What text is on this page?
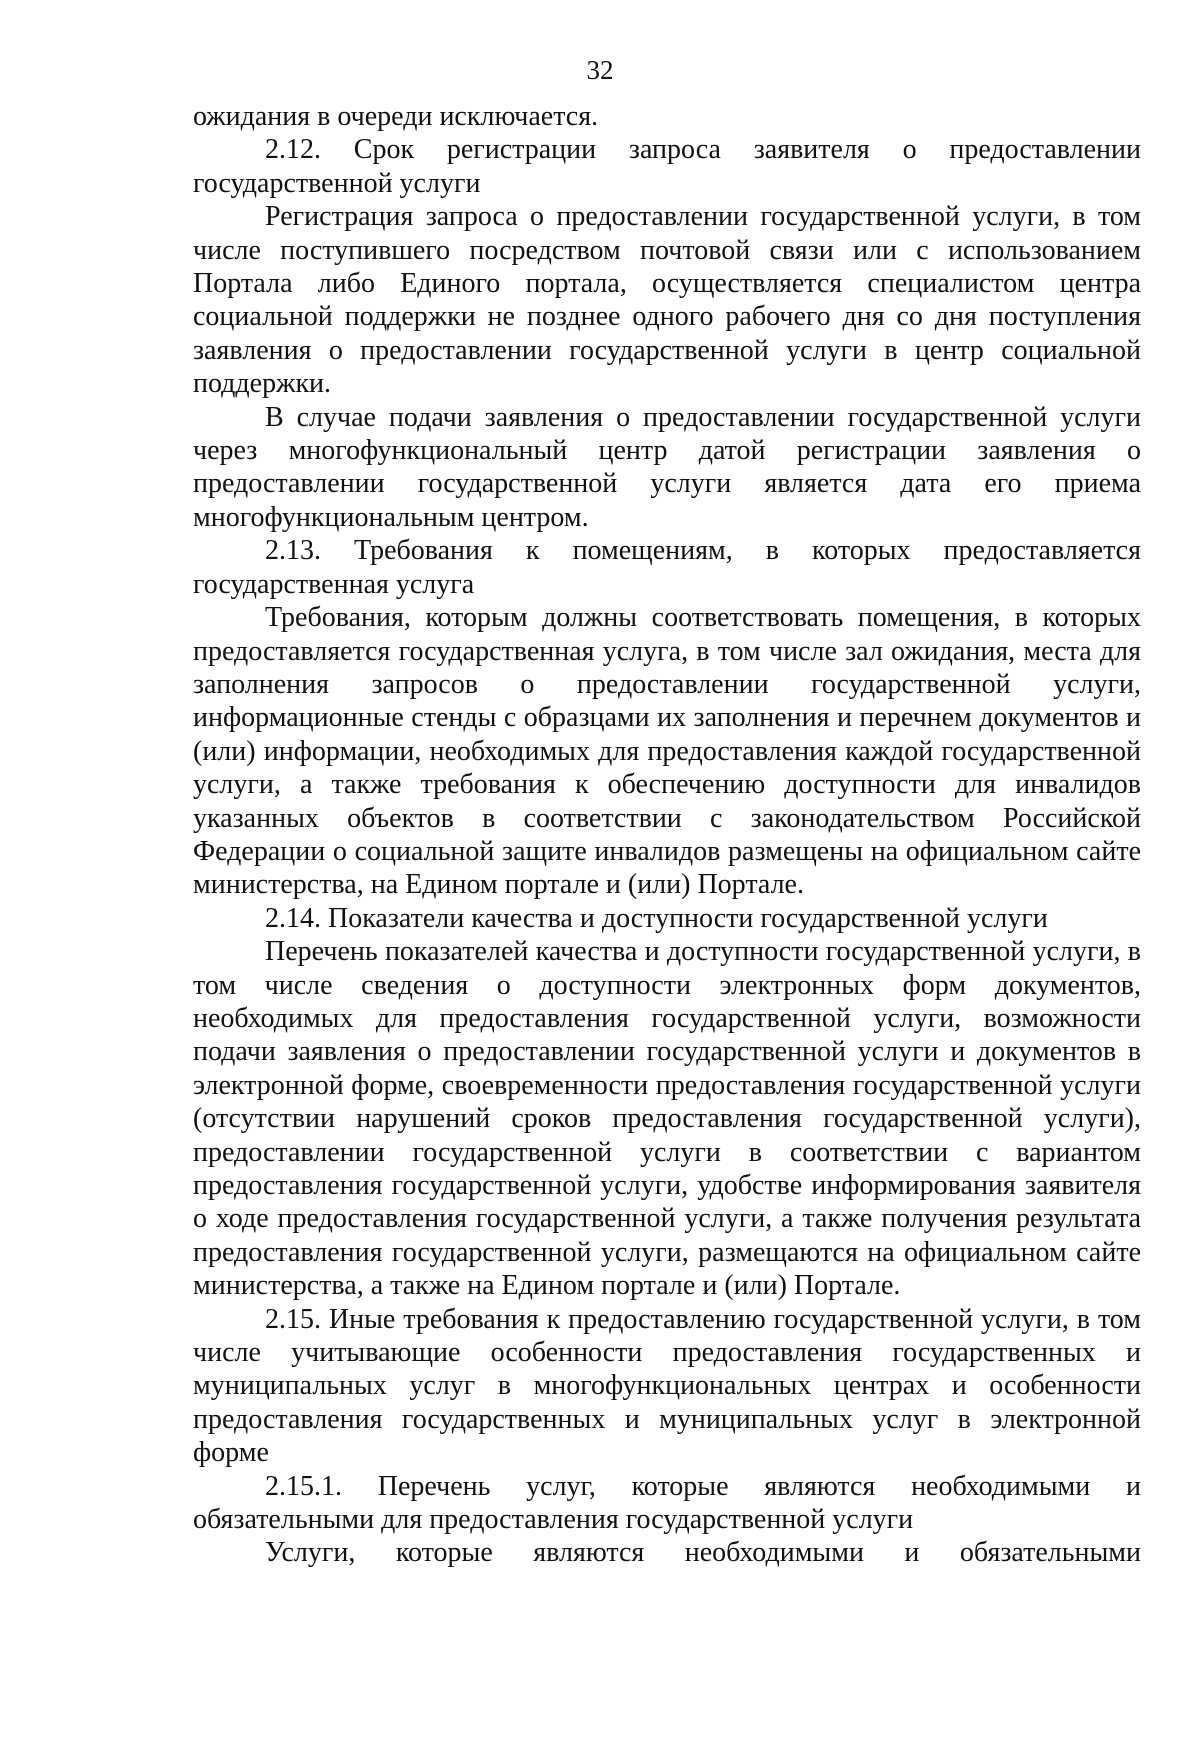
32

ожидания в очереди исключается.

2.12. Срок регистрации запроса заявителя о предоставлении государственной услуги

Регистрация запроса о предоставлении государственной услуги, в том числе поступившего посредством почтовой связи или с использованием Портала либо Единого портала, осуществляется специалистом центра социальной поддержки не позднее одного рабочего дня со дня поступления заявления о предоставлении государственной услуги в центр социальной поддержки.

В случае подачи заявления о предоставлении государственной услуги через многофункциональный центр датой регистрации заявления о предоставлении государственной услуги является дата его приема многофункциональным центром.

2.13. Требования к помещениям, в которых предоставляется государственная услуга

Требования, которым должны соответствовать помещения, в которых предоставляется государственная услуга, в том числе зал ожидания, места для заполнения запросов о предоставлении государственной услуги, информационные стенды с образцами их заполнения и перечнем документов и (или) информации, необходимых для предоставления каждой государственной услуги, а также требования к обеспечению доступности для инвалидов указанных объектов в соответствии с законодательством Российской Федерации о социальной защите инвалидов размещены на официальном сайте министерства, на Едином портале и (или) Портале.

2.14. Показатели качества и доступности государственной услуги

Перечень показателей качества и доступности государственной услуги, в том числе сведения о доступности электронных форм документов, необходимых для предоставления государственной услуги, возможности подачи заявления о предоставлении государственной услуги и документов в электронной форме, своевременности предоставления государственной услуги (отсутствии нарушений сроков предоставления государственной услуги), предоставлении государственной услуги в соответствии с вариантом предоставления государственной услуги, удобстве информирования заявителя о ходе предоставления государственной услуги, а также получения результата предоставления государственной услуги, размещаются на официальном сайте министерства, а также на Едином портале и (или) Портале.

2.15. Иные требования к предоставлению государственной услуги, в том числе учитывающие особенности предоставления государственных и муниципальных услуг в многофункциональных центрах и особенности предоставления государственных и муниципальных услуг в электронной форме

2.15.1. Перечень услуг, которые являются необходимыми и обязательными для предоставления государственной услуги

Услуги, которые являются необходимыми и обязательными
